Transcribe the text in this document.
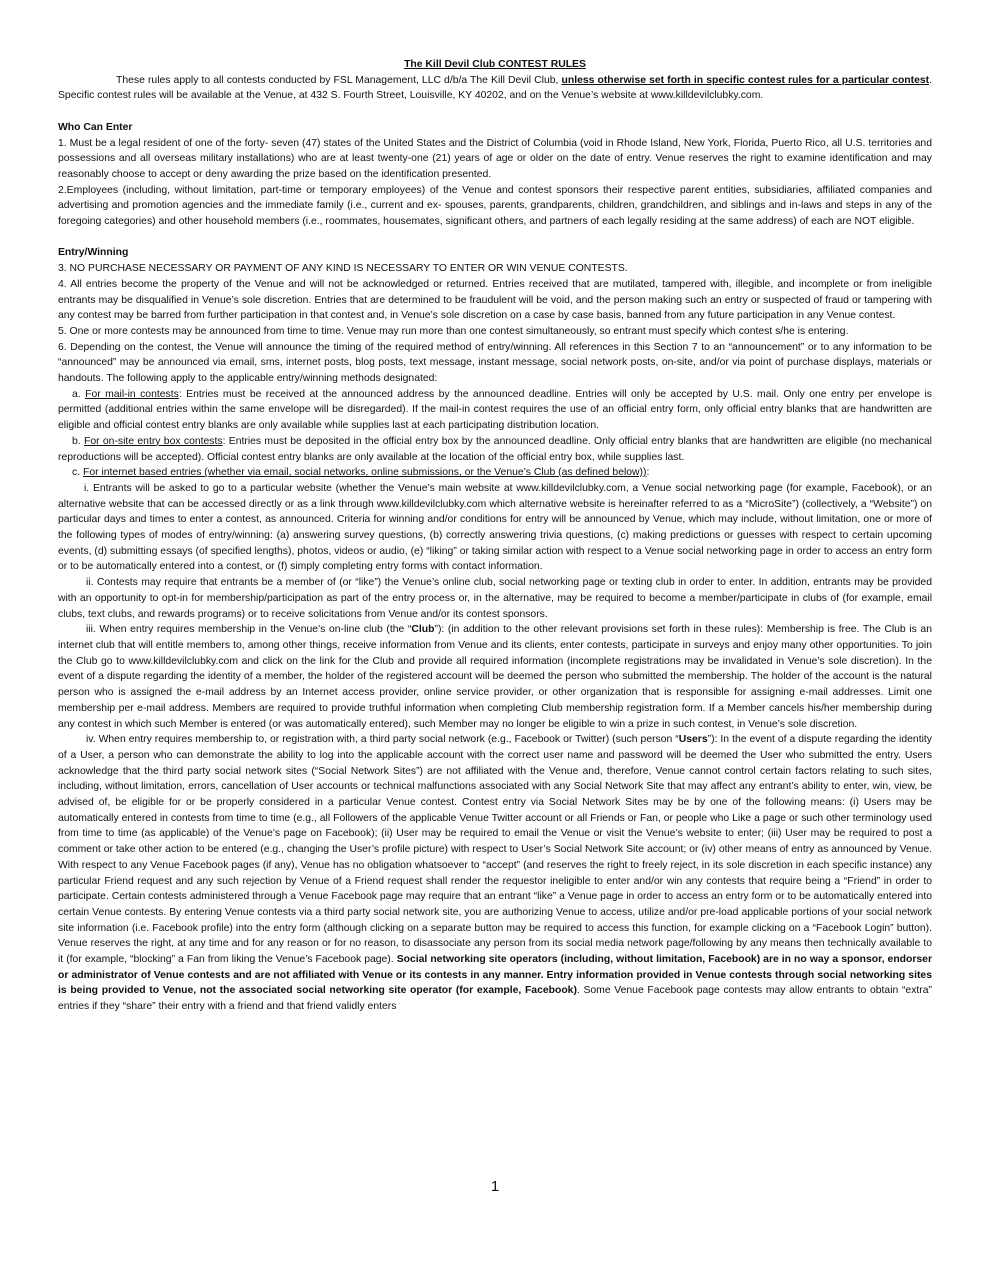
The Kill Devil Club CONTEST RULES
These rules apply to all contests conducted by FSL Management, LLC d/b/a The Kill Devil Club, unless otherwise set forth in specific contest rules for a particular contest. Specific contest rules will be available at the Venue, at 432 S. Fourth Street, Louisville, KY 40202, and on the Venue’s website at www.killdevilclubky.com.
Who Can Enter
1. Must be a legal resident of one of the forty- seven (47) states of the United States and the District of Columbia (void in Rhode Island, New York, Florida, Puerto Rico, all U.S. territories and possessions and all overseas military installations) who are at least twenty-one (21) years of age or older on the date of entry. Venue reserves the right to examine identification and may reasonably choose to accept or deny awarding the prize based on the identification presented.
2.Employees (including, without limitation, part-time or temporary employees) of the Venue and contest sponsors their respective parent entities, subsidiaries, affiliated companies and advertising and promotion agencies and the immediate family (i.e., current and ex- spouses, parents, grandparents, children, grandchildren, and siblings and in-laws and steps in any of the foregoing categories) and other household members (i.e., roommates, housemates, significant others, and partners of each legally residing at the same address) of each are NOT eligible.
Entry/Winning
3. NO PURCHASE NECESSARY OR PAYMENT OF ANY KIND IS NECESSARY TO ENTER OR WIN VENUE CONTESTS.
4. All entries become the property of the Venue and will not be acknowledged or returned. Entries received that are mutilated, tampered with, illegible, and incomplete or from ineligible entrants may be disqualified in Venue’s sole discretion. Entries that are determined to be fraudulent will be void, and the person making such an entry or suspected of fraud or tampering with any contest may be barred from further participation in that contest and, in Venue’s sole discretion on a case by case basis, banned from any future participation in any Venue contest.
5. One or more contests may be announced from time to time. Venue may run more than one contest simultaneously, so entrant must specify which contest s/he is entering.
6. Depending on the contest, the Venue will announce the timing of the required method of entry/winning. All references in this Section 7 to an “announcement” or to any information to be “announced” may be announced via email, sms, internet posts, blog posts, text message, instant message, social network posts, on-site, and/or via point of purchase displays, materials or handouts. The following apply to the applicable entry/winning methods designated:
a. For mail-in contests: Entries must be received at the announced address by the announced deadline. Entries will only be accepted by U.S. mail. Only one entry per envelope is permitted (additional entries within the same envelope will be disregarded). If the mail-in contest requires the use of an official entry form, only official entry blanks that are handwritten are eligible and official contest entry blanks are only available while supplies last at each participating distribution location.
b. For on-site entry box contests: Entries must be deposited in the official entry box by the announced deadline. Only official entry blanks that are handwritten are eligible (no mechanical reproductions will be accepted). Official contest entry blanks are only available at the location of the official entry box, while supplies last.
c. For internet based entries (whether via email, social networks, online submissions, or the Venue’s Club (as defined below)):
i. Entrants will be asked to go to a particular website (whether the Venue’s main website at www.killdevilclubky.com, a Venue social networking page (for example, Facebook), or an alternative website that can be accessed directly or as a link through www.killdevilclubky.com which alternative website is hereinafter referred to as a “MicroSite”) (collectively, a “Website”) on particular days and times to enter a contest, as announced. Criteria for winning and/or conditions for entry will be announced by Venue, which may include, without limitation, one or more of the following types of modes of entry/winning: (a) answering survey questions, (b) correctly answering trivia questions, (c) making predictions or guesses with respect to certain upcoming events, (d) submitting essays (of specified lengths), photos, videos or audio, (e) “liking” or taking similar action with respect to a Venue social networking page in order to access an entry form or to be automatically entered into a contest, or (f) simply completing entry forms with contact information.
ii. Contests may require that entrants be a member of (or “like”) the Venue’s online club, social networking page or texting club in order to enter. In addition, entrants may be provided with an opportunity to opt-in for membership/participation as part of the entry process or, in the alternative, may be required to become a member/participate in clubs of (for example, email clubs, text clubs, and rewards programs) or to receive solicitations from Venue and/or its contest sponsors.
iii. When entry requires membership in the Venue’s on-line club (the “Club”): (in addition to the other relevant provisions set forth in these rules): Membership is free. The Club is an internet club that will entitle members to, among other things, receive information from Venue and its clients, enter contests, participate in surveys and enjoy many other opportunities. To join the Club go to www.killdevilclubky.com and click on the link for the Club and provide all required information (incomplete registrations may be invalidated in Venue’s sole discretion). In the event of a dispute regarding the identity of a member, the holder of the registered account will be deemed the person who submitted the membership. The holder of the account is the natural person who is assigned the e-mail address by an Internet access provider, online service provider, or other organization that is responsible for assigning e-mail addresses. Limit one membership per e-mail address. Members are required to provide truthful information when completing Club membership registration form. If a Member cancels his/her membership during any contest in which such Member is entered (or was automatically entered), such Member may no longer be eligible to win a prize in such contest, in Venue’s sole discretion.
iv. When entry requires membership to, or registration with, a third party social network (e.g., Facebook or Twitter) (such person “Users”): In the event of a dispute regarding the identity of a User, a person who can demonstrate the ability to log into the applicable account with the correct user name and password will be deemed the User who submitted the entry. Users acknowledge that the third party social network sites (“Social Network Sites”) are not affiliated with the Venue and, therefore, Venue cannot control certain factors relating to such sites, including, without limitation, errors, cancellation of User accounts or technical malfunctions associated with any Social Network Site that may affect any entrant’s ability to enter, win, view, be advised of, be eligible for or be properly considered in a particular Venue contest. Contest entry via Social Network Sites may be by one of the following means: (i) Users may be automatically entered in contests from time to time (e.g., all Followers of the applicable Venue Twitter account or all Friends or Fan, or people who Like a page or such other terminology used from time to time (as applicable) of the Venue’s page on Facebook); (ii) User may be required to email the Venue or visit the Venue’s website to enter; (iii) User may be required to post a comment or take other action to be entered (e.g., changing the User’s profile picture) with respect to User’s Social Network Site account; or (iv) other means of entry as announced by Venue. With respect to any Venue Facebook pages (if any), Venue has no obligation whatsoever to “accept” (and reserves the right to freely reject, in its sole discretion in each specific instance) any particular Friend request and any such rejection by Venue of a Friend request shall render the requestor ineligible to enter and/or win any contests that require being a “Friend” in order to participate. Certain contests administered through a Venue Facebook page may require that an entrant “like” a Venue page in order to access an entry form or to be automatically entered into certain Venue contests. By entering Venue contests via a third party social network site, you are authorizing Venue to access, utilize and/or pre-load applicable portions of your social network site information (i.e. Facebook profile) into the entry form (although clicking on a separate button may be required to access this function, for example clicking on a “Facebook Login” button). Venue reserves the right, at any time and for any reason or for no reason, to disassociate any person from its social media network page/following by any means then technically available to it (for example, “blocking” a Fan from liking the Venue’s Facebook page). Social networking site operators (including, without limitation, Facebook) are in no way a sponsor, endorser or administrator of Venue contests and are not affiliated with Venue or its contests in any manner. Entry information provided in Venue contests through social networking sites is being provided to Venue, not the associated social networking site operator (for example, Facebook). Some Venue Facebook page contests may allow entrants to obtain “extra” entries if they “share” their entry with a friend and that friend validly enters
1
